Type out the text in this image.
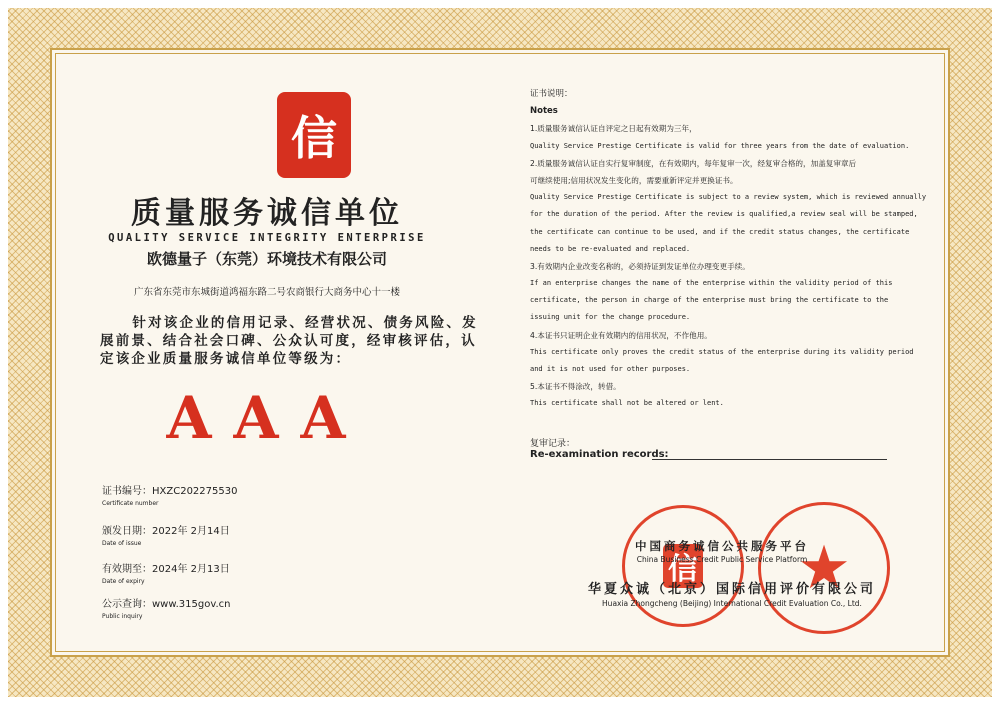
信
质量服务诚信单位
QUALITY SERVICE INTEGRITY ENTERPRISE
欧德量子（东莞）环境技术有限公司
广东省东莞市东城街道鸿福东路二号农商银行大商务中心十一楼
针对该企业的信用记录、经营状况、债务风险、发展前景、结合社会口碑、公众认可度，经审核评估，认定该企业质量服务诚信单位等级为：
AAA
证书编号：HXZC202275530
Certificate number
颁发日期：2022年 2月14日
Date of issue
有效期至：2024年 2月13日
Date of expiry
公示查询：www.315gov.cn
Public inquiry
证书说明：
Notes
1.质量服务诚信认证自评定之日起有效期为三年，
Quality Service Prestige Certificate is valid for three years from the date of evaluation.
2.质量服务诚信认证自实行复审制度，在有效期内，每年复审一次，经复审合格的，加盖复审章后
可继续使用;信用状况发生变化的，需要重新评定并更换证书。
Quality Service Prestige Certificate is subject to a review system, which is reviewed annually
for the duration of the period. After the review is qualified,a review seal will be stamped,
the certificate can continue to be used, and if the credit status changes, the certificate
needs to be re-evaluated and replaced.
3.有效期内企业改变名称的，必须持证到发证单位办理变更手续。
If an enterprise changes the name of the enterprise within the validity period of this
certificate, the person in charge of the enterprise must bring the certificate to the
issuing unit for the change procedure.
4.本证书只证明企业有效期内的信用状况，不作他用。
This certificate only proves the credit status of the enterprise during its validity period
and it is not used for other purposes.
5.本证书不得涂改，转借。
This certificate shall not be altered or lent.
复审记录：
Re-examination records:
信 ★
中国商务诚信公共服务平台
China Business Credit Public Service Platform
华夏众诚（北京）国际信用评价有限公司
Huaxia Zhongcheng (Beijing) International Credit Evaluation Co., Ltd.
